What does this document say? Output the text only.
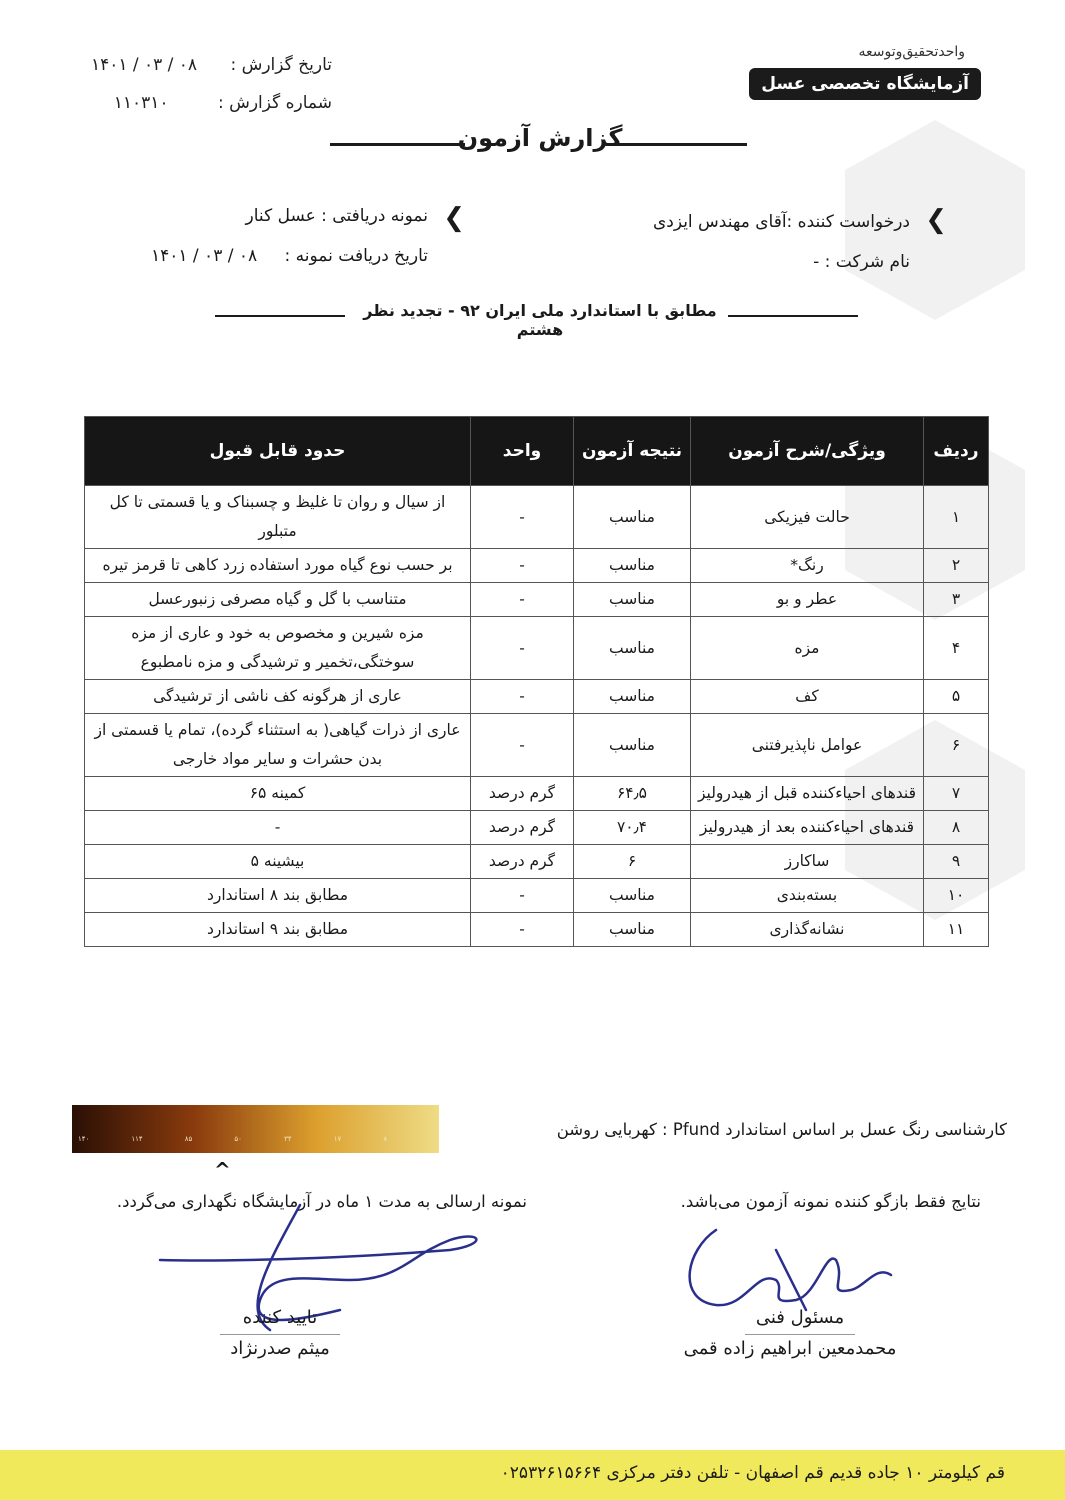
واحدتحقیق‌وتوسعه
آزمایشگاه تخصصی عسل
تاریخ گزارش : ۱۴۰۱ / ۰۳ / ۰۸
شماره گزارش : ۱۱۰۳۱۰
گزارش آزمون
❮
درخواست کننده :آقای مهندس ایزدی
نام شرکت : -
❮
نمونه دریافتی : عسل کنار
تاریخ دریافت نمونه : ۱۴۰۱ / ۰۳ / ۰۸
مطابق با استاندارد ملی ایران ۹۲ - تجدید نظر هشتم
ردیف	ویژگی/شرح آزمون	نتیجه آزمون	واحد	حدود قابل قبول
۱	حالت فیزیکی	مناسب	-	از سیال و روان تا غلیظ و چسبناک و یا قسمتی تا کل متبلور
۲	رنگ*	مناسب	-	بر حسب نوع گیاه مورد استفاده زرد کاهی تا قرمز تیره
۳	عطر و بو	مناسب	-	متناسب با گل و گیاه مصرفی زنبورعسل
۴	مزه	مناسب	-	مزه شیرین و مخصوص به خود و عاری از مزه سوختگی،تخمیر و ترشیدگی و مزه نامطبوع
۵	کف	مناسب	-	عاری از هرگونه کف ناشی از ترشیدگی
۶	عوامل ناپذیرفتنی	مناسب	-	عاری از ذرات گیاهی( به استثناء گرده)، تمام یا قسمتی از بدن حشرات و سایر مواد خارجی
۷	قندهای احیاءکننده قبل از هیدرولیز	۶۴٫۵	گرم درصد	کمینه ۶۵
۸	قندهای احیاءکننده بعد از هیدرولیز	۷۰٫۴	گرم درصد	-
۹	ساکارز	۶	گرم درصد	بیشینه ۵
۱۰	بسته‌بندی	مناسب	-	مطابق بند ۸ استاندارد
۱۱	نشانه‌گذاری	مناسب	-	مطابق بند ۹ استاندارد
۱۴۰	۱۱۴	۸۵	۵۰	۳۴	۱۷	۸	۰
^
کارشناسی رنگ عسل بر اساس استاندارد Pfund : کهربایی روشن
نمونه ارسالی به مدت ۱ ماه در آزمایشگاه نگهداری می‌گردد.	نتایج فقط بازگو کننده نمونه آزمون می‌باشد.
تایید کننده
میثم صدرنژاد
مسئول فنی
محمدمعین ابراهیم زاده قمی
قم کیلومتر ۱۰ جاده قدیم قم اصفهان - تلفن دفتر مرکزی ۰۲۵۳۲۶۱۵۶۶۴
